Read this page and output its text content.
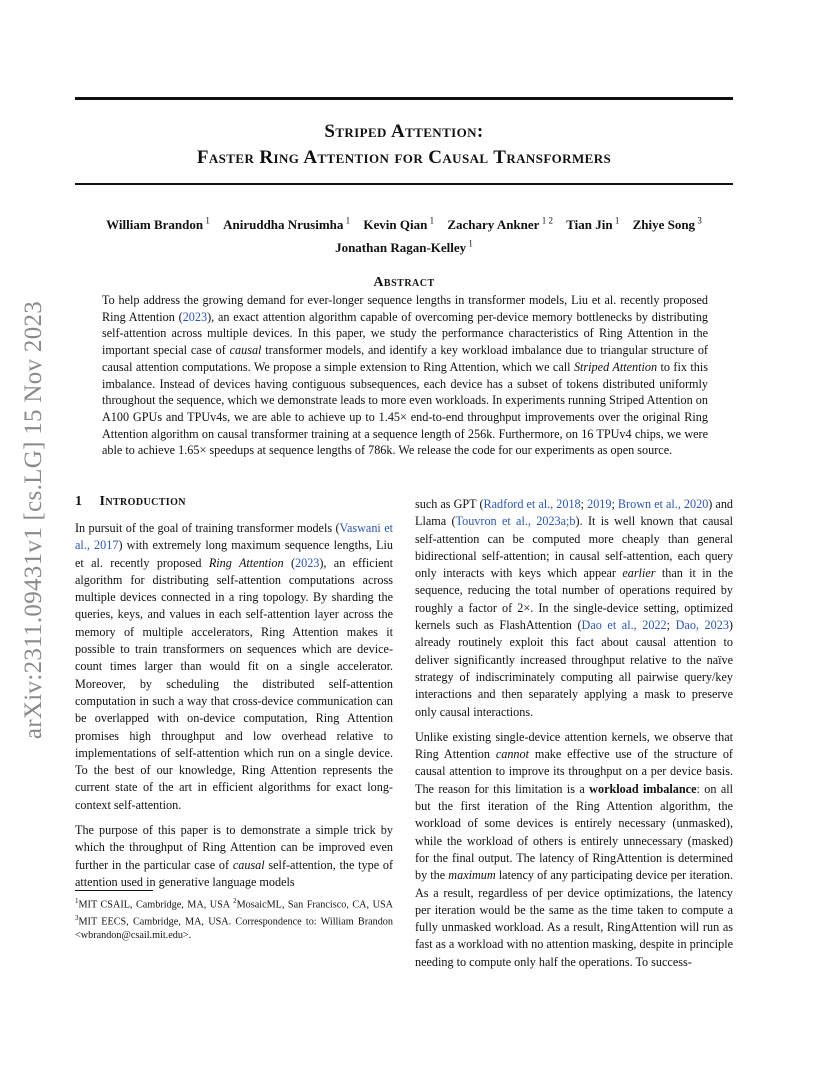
arXiv:2311.09431v1 [cs.LG] 15 Nov 2023
Striped Attention:
Faster Ring Attention for Causal Transformers
William Brandon $^1$ Aniruddha Nrusimha $^1$ Kevin Qian $^1$ Zachary Ankner $^{1 2}$ Tian Jin $^1$ Zhiye Song $^3$
Jonathan Ragan-Kelley $^1$
Abstract

To help address the growing demand for ever-longer sequence lengths in transformer models, Liu et al. recently proposed Ring Attention (2023), an exact attention algorithm capable of overcoming per-device memory bottlenecks by distributing self-attention across multiple devices. In this paper, we study the performance characteristics of Ring Attention in the important special case of causal transformer models, and identify a key workload imbalance due to triangular structure of causal attention computations. We propose a simple extension to Ring Attention, which we call Striped Attention to fix this imbalance. Instead of devices having contiguous subsequences, each device has a subset of tokens distributed uniformly throughout the sequence, which we demonstrate leads to more even workloads. In experiments running Striped Attention on A100 GPUs and TPUv4s, we are able to achieve up to 1.45× end-to-end throughput improvements over the original Ring Attention algorithm on causal transformer training at a sequence length of 256k. Furthermore, on 16 TPUv4 chips, we were able to achieve 1.65× speedups at sequence lengths of 786k. We release the code for our experiments as open source.

1 Introduction

In pursuit of the goal of training transformer models (Vaswani et al., 2017) with extremely long maximum sequence lengths, Liu et al. recently proposed Ring Attention (2023), an efficient algorithm for distributing self-attention computations across multiple devices connected in a ring topology. By sharding the queries, keys, and values in each self-attention layer across the memory of multiple accelerators, Ring Attention makes it possible to train transformers on sequences which are device-count times larger than would fit on a single accelerator. Moreover, by scheduling the distributed self-attention computation in such a way that cross-device communication can be overlapped with on-device computation, Ring Attention promises high throughput and low overhead relative to implementations of self-attention which run on a single device. To the best of our knowledge, Ring Attention represents the current state of the art in efficient algorithms for exact long-context self-attention.

The purpose of this paper is to demonstrate a simple trick by which the throughput of Ring Attention can be improved even further in the particular case of causal self-attention, the type of attention used in generative language models

such as GPT (Radford et al., 2018; 2019; Brown et al., 2020) and Llama (Touvron et al., 2023a;b). It is well known that causal self-attention can be computed more cheaply than general bidirectional self-attention; in causal self-attention, each query only interacts with keys which appear earlier than it in the sequence, reducing the total number of operations required by roughly a factor of 2×. In the single-device setting, optimized kernels such as FlashAttention (Dao et al., 2022; Dao, 2023) already routinely exploit this fact about causal attention to deliver significantly increased throughput relative to the naïve strategy of indiscriminately computing all pairwise query/key interactions and then separately applying a mask to preserve only causal interactions.

Unlike existing single-device attention kernels, we observe that Ring Attention cannot make effective use of the structure of causal attention to improve its throughput on a per device basis. The reason for this limitation is a workload imbalance: on all but the first iteration of the Ring Attention algorithm, the workload of some devices is entirely necessary (unmasked), while the workload of others is entirely unnecessary (masked) for the final output. The latency of RingAttention is determined by the maximum latency of any participating device per iteration. As a result, regardless of per device optimizations, the latency per iteration would be the same as the time taken to compute a fully unmasked workload. As a result, RingAttention will run as fast as a workload with no attention masking, despite in principle needing to compute only half the operations. To success-

$^1$MIT CSAIL, Cambridge, MA, USA $^2$MosaicML, San Francisco, CA, USA $^3$MIT EECS, Cambridge, MA, USA. Correspondence to: William Brandon <wbrandon@csail.mit.edu>.
